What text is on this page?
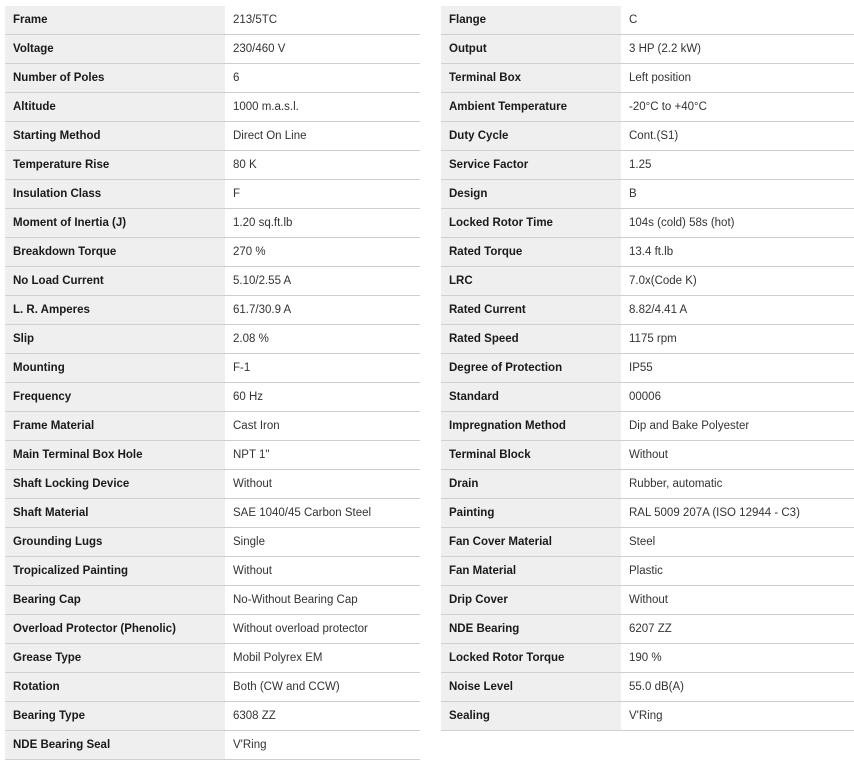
Frame	213/5TC
Voltage	230/460 V
Number of Poles	6
Altitude	1000 m.a.s.l.
Starting Method	Direct On Line
Temperature Rise	80 K
Insulation Class	F
Moment of Inertia (J)	1.20 sq.ft.lb
Breakdown Torque	270 %
No Load Current	5.10/2.55 A
L. R. Amperes	61.7/30.9 A
Slip	2.08 %
Mounting	F-1
Frequency	60 Hz
Frame Material	Cast Iron
Main Terminal Box Hole	NPT 1"
Shaft Locking Device	Without
Shaft Material	SAE 1040/45 Carbon Steel
Grounding Lugs	Single
Tropicalized Painting	Without
Bearing Cap	No-Without Bearing Cap
Overload Protector (Phenolic)	Without overload protector
Grease Type	Mobil Polyrex EM
Rotation	Both (CW and CCW)
Bearing Type	6308 ZZ
NDE Bearing Seal	V'Ring
Flange	C
Output	3 HP (2.2 kW)
Terminal Box	Left position
Ambient Temperature	-20°C to +40°C
Duty Cycle	Cont.(S1)
Service Factor	1.25
Design	B
Locked Rotor Time	104s (cold) 58s (hot)
Rated Torque	13.4 ft.lb
LRC	7.0x(Code K)
Rated Current	8.82/4.41 A
Rated Speed	1175 rpm
Degree of Protection	IP55
Standard	00006
Impregnation Method	Dip and Bake Polyester
Terminal Block	Without
Drain	Rubber, automatic
Painting	RAL 5009 207A (ISO 12944 - C3)
Fan Cover Material	Steel
Fan Material	Plastic
Drip Cover	Without
NDE Bearing	6207 ZZ
Locked Rotor Torque	190 %
Noise Level	55.0 dB(A)
Sealing	V'Ring
